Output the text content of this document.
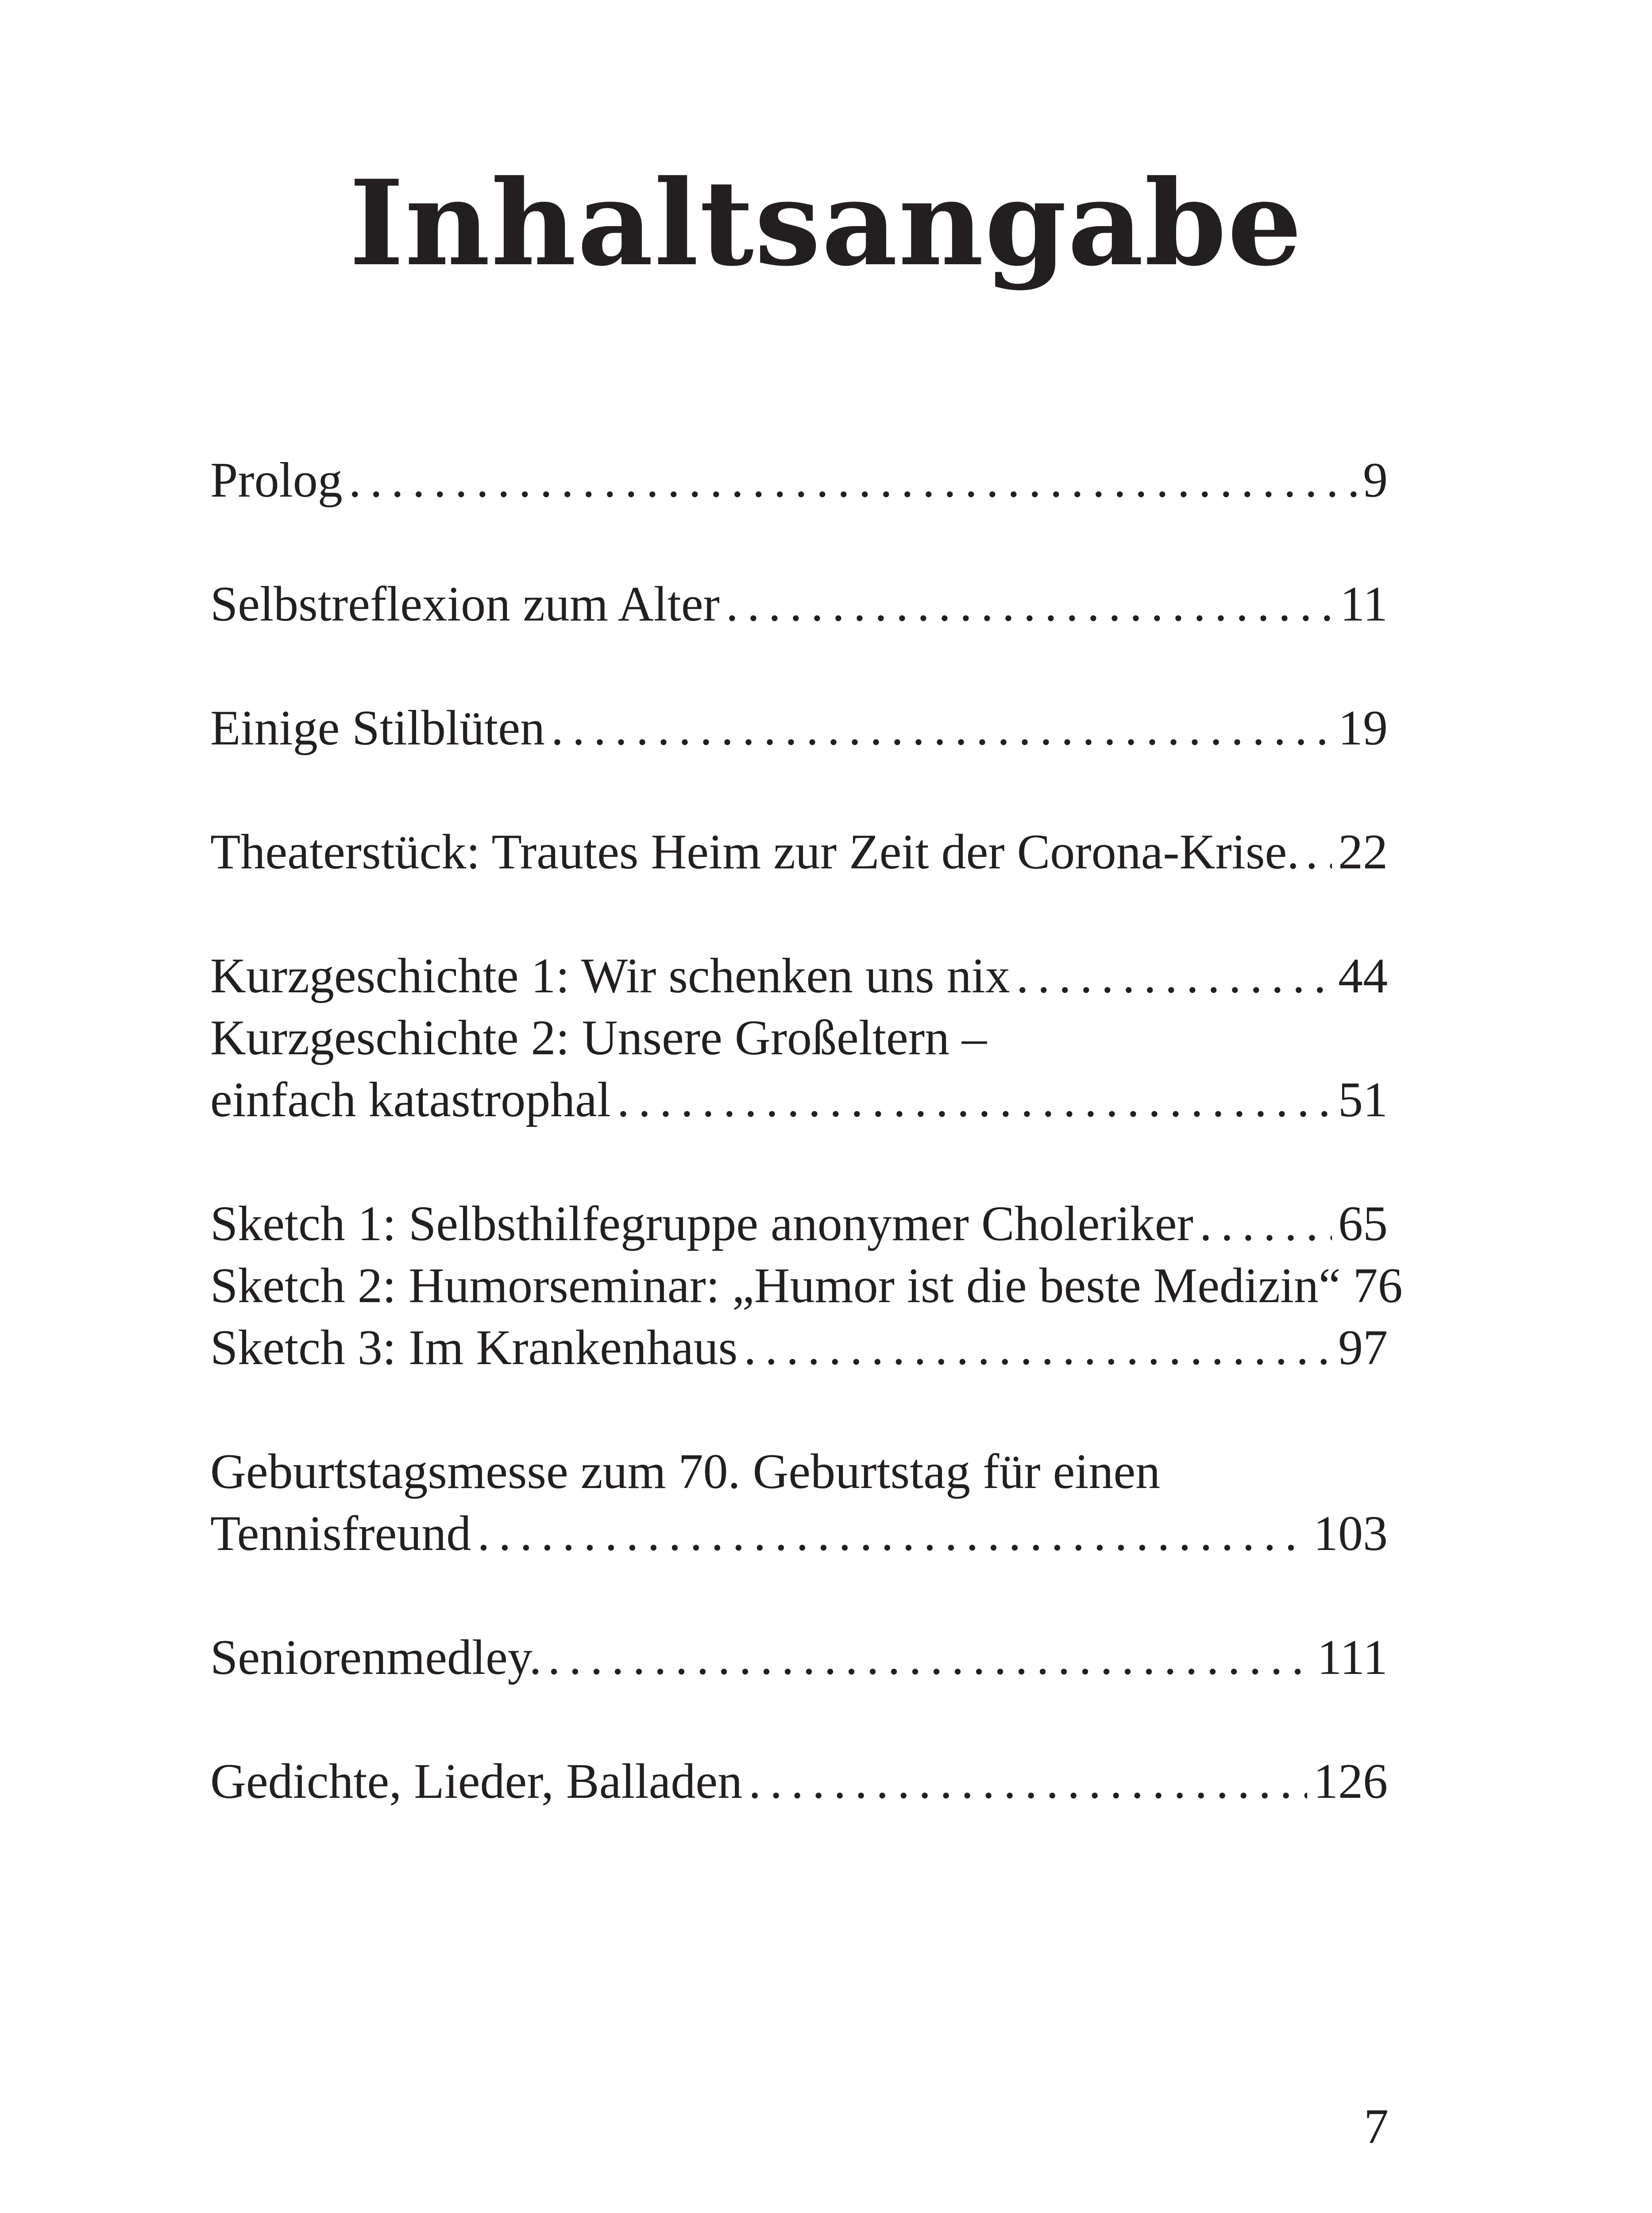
Inhaltsangabe
Prolog . . .	9
Selbstreflexion zum Alter . . .	11
Einige Stilblüten . . .	19
Theaterstück: Trautes Heim zur Zeit der Corona-Krise. . . . 22
Kurzgeschichte 1: Wir schenken uns nix . . .	44
Kurzgeschichte 2: Unsere Großeltern –
einfach katastrophal . . .	51
Sketch 1: Selbsthilfegruppe anonymer Choleriker . . .	65
Sketch 2: Humorseminar: „Humor ist die beste Medizin“ 76
Sketch 3: Im Krankenhaus . . .	97
Geburtstagsmesse zum 70. Geburtstag für einen
Tennisfreund . . .	103
Seniorenmedley. . . .	111
Gedichte, Lieder, Balladen . . .	126
7
